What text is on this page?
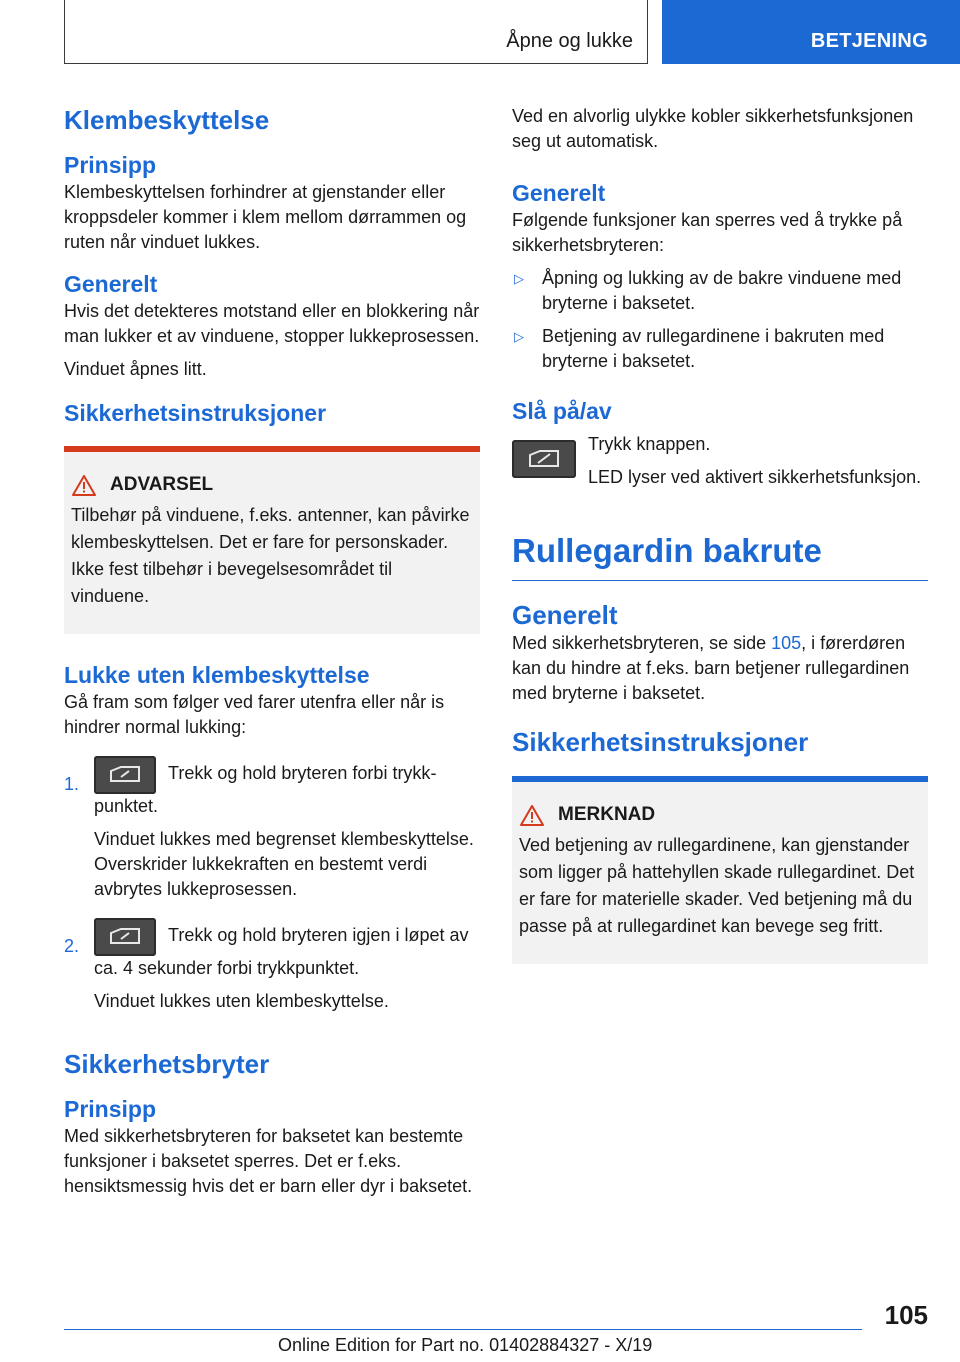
Åpne og lukke	BETJENING
Klembeskyttelse
Prinsipp

Klembeskyttelsen forhindrer at gjenstander eller kroppsdeler kommer i klem mellom dørrammen og ruten når vinduet lukkes.

Generelt

Hvis det detekteres motstand eller en blokkering når man lukker et av vinduene, stopper lukkeprosessen.

Vinduet åpnes litt.

Sikkerhetsinstruksjoner
ADVARSEL

Tilbehør på vinduene, f.eks. antenner, kan påvirke klembeskyttelsen. Det er fare for personskader. Ikke fest tilbehør i bevegelsesområdet til vinduene.

Lukke uten klembeskyttelse

Gå fram som følger ved farer utenfra eller når is hindrer normal lukking:

1.

Trekk og hold bryteren forbi trykkpunktet.

Vinduet lukkes med begrenset klembeskyttelse. Overskrider lukkekraften en bestemt verdi avbrytes lukkeprosessen.

2.

Trekk og hold bryteren igjen i løpet av ca. 4 sekunder forbi trykkpunktet.

Vinduet lukkes uten klembeskyttelse.

Sikkerhetsbryter
Prinsipp

Med sikkerhetsbryteren for baksetet kan bestemte funksjoner i baksetet sperres. Det er f.eks. hensiktsmessig hvis det er barn eller dyr i baksetet.

Ved en alvorlig ulykke kobler sikkerhetsfunksjonen seg ut automatisk.

Generelt

Følgende funksjoner kan sperres ved å trykke på sikkerhetsbryteren:

▷ Åpning og lukking av de bakre vinduene med bryterne i baksetet.

▷ Betjening av rullegardinene i bakruten med bryterne i baksetet.

Slå på/av

Trykk knappen.

LED lyser ved aktivert sikkerhetsfunksjon.

Rullegardin bakrute
Generelt

Med sikkerhetsbryteren, se side 105, i førerdøren kan du hindre at f.eks. barn betjener rullegardinen med bryterne i baksetet.

Sikkerhetsinstruksjoner
MERKNAD

Ved betjening av rullegardinene, kan gjenstander som ligger på hattehyllen skade rullegardinet. Det er fare for materielle skader. Ved betjening må du passe på at rullegardinet kan bevege seg fritt.

105
Online Edition for Part no. 01402884327 - X/19
